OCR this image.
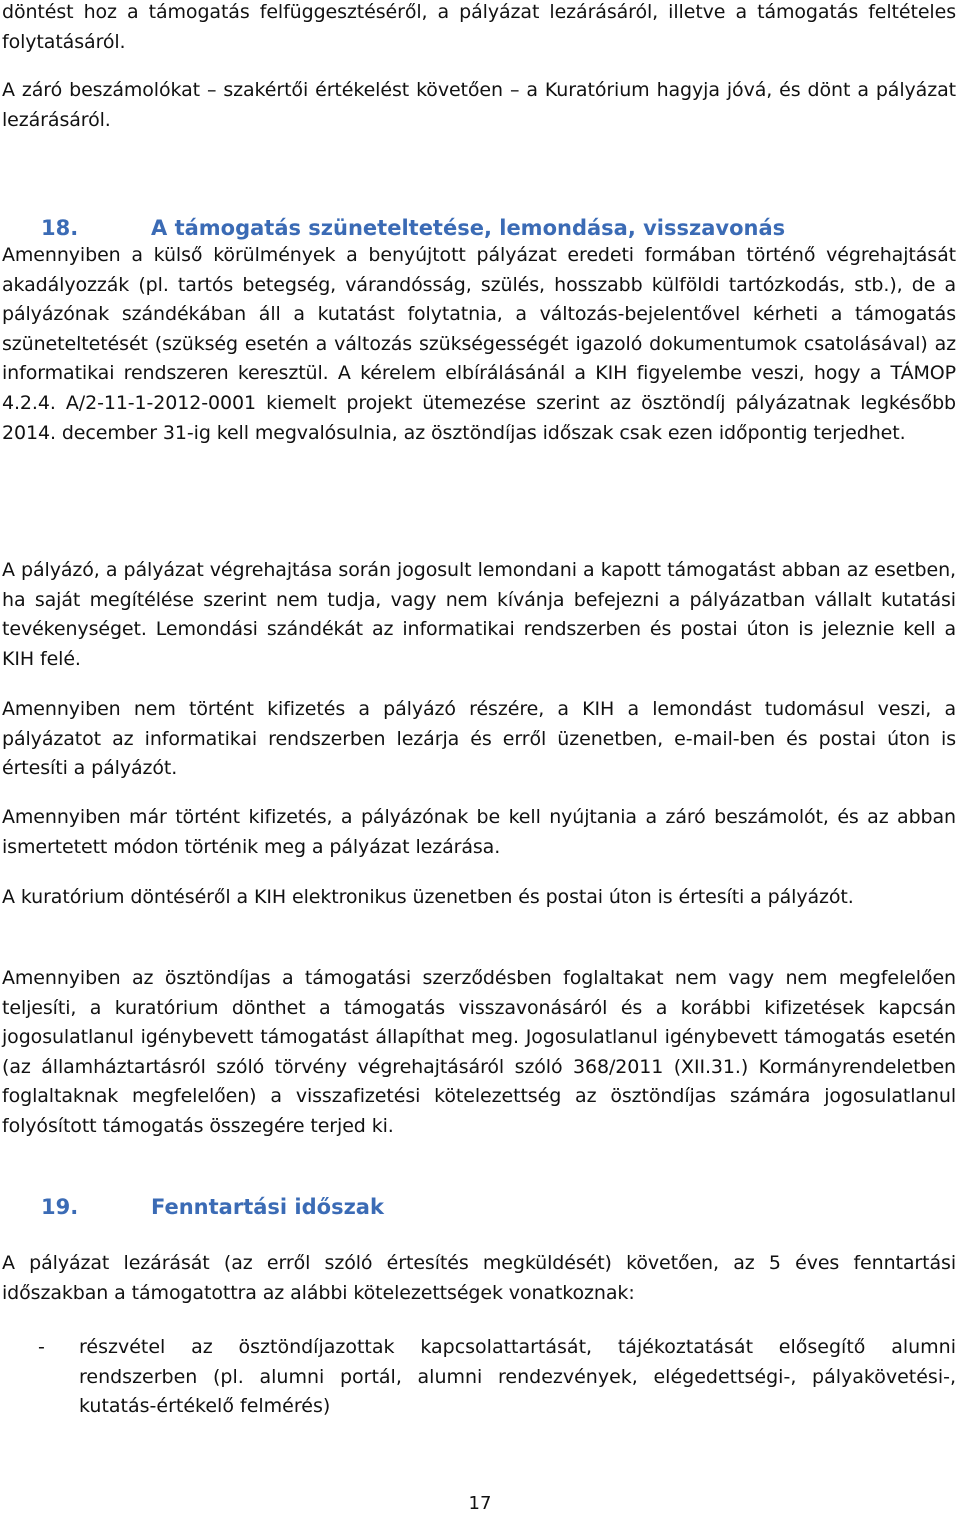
döntést hoz a támogatás felfüggesztéséről, a pályázat lezárásáról, illetve a támogatás feltételes folytatásáról.

A záró beszámolókat – szakértői értékelést követően – a Kuratórium hagyja jóvá, és dönt a pályázat lezárásáról.

18.	A támogatás szüneteltetése, lemondása, visszavonás

Amennyiben a külső körülmények a benyújtott pályázat eredeti formában történő végrehajtását akadályozzák (pl. tartós betegség, várandósság, szülés, hosszabb külföldi tartózkodás, stb.), de a pályázónak szándékában áll a kutatást folytatnia, a változás-bejelentővel kérheti a támogatás szüneteltetését (szükség esetén a változás szükségességét igazoló dokumentumok csatolásával) az informatikai rendszeren keresztül. A kérelem elbírálásánál a KIH figyelembe veszi, hogy a TÁMOP 4.2.4. A/2-11-1-2012-0001 kiemelt projekt ütemezése szerint az ösztöndíj pályázatnak legkésőbb 2014. december 31-ig kell megvalósulnia, az ösztöndíjas időszak csak ezen időpontig terjedhet.

A pályázó, a pályázat végrehajtása során jogosult lemondani a kapott támogatást abban az esetben, ha saját megítélése szerint nem tudja, vagy nem kívánja befejezni a pályázatban vállalt kutatási tevékenységet. Lemondási szándékát az informatikai rendszerben és postai úton is jeleznie kell a KIH felé.

Amennyiben nem történt kifizetés a pályázó részére, a KIH a lemondást tudomásul veszi, a pályázatot az informatikai rendszerben lezárja és erről üzenetben, e-mail-ben és postai úton is értesíti a pályázót.

Amennyiben már történt kifizetés, a pályázónak be kell nyújtania a záró beszámolót, és az abban ismertetett módon történik meg a pályázat lezárása.

A kuratórium döntéséről a KIH elektronikus üzenetben és postai úton is értesíti a pályázót.

Amennyiben az ösztöndíjas a támogatási szerződésben foglaltakat nem vagy nem megfelelően teljesíti, a kuratórium dönthet a támogatás visszavonásáról és a korábbi kifizetések kapcsán jogosulatlanul igénybevett támogatást állapíthat meg. Jogosulatlanul igénybevett támogatás esetén (az államháztartásról szóló törvény végrehajtásáról szóló 368/2011 (XII.31.) Kormányrendeletben foglaltaknak megfelelően) a visszafizetési kötelezettség az ösztöndíjas számára jogosulatlanul folyósított támogatás összegére terjed ki.

19.	Fenntartási időszak

A pályázat lezárását (az erről szóló értesítés megküldését) követően, az 5 éves fenntartási időszakban a támogatottra az alábbi kötelezettségek vonatkoznak:

- részvétel az ösztöndíjazottak kapcsolattartását, tájékoztatását elősegítő alumni rendszerben (pl. alumni portál, alumni rendezvények, elégedettségi-, pályakövetési-, kutatás-értékelő felmérés)

17
